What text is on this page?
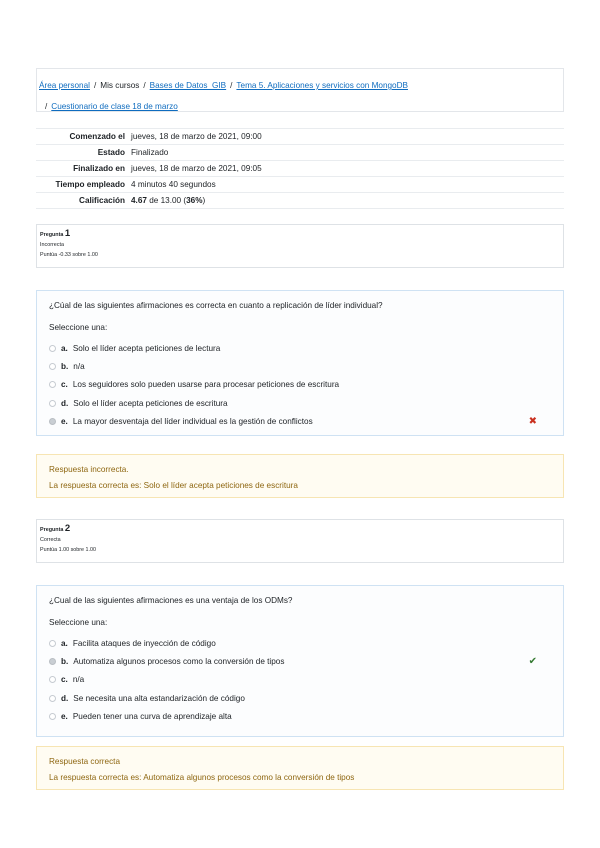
Área personal / Mis cursos / Bases de Datos_GIB / Tema 5. Aplicaciones y servicios con MongoDB
/ Cuestionario de clase 18 de marzo
Comenzado el jueves, 18 de marzo de 2021, 09:00
Estado Finalizado
Finalizado en jueves, 18 de marzo de 2021, 09:05
Tiempo empleado 4 minutos 40 segundos
Calificación 4.67 de 13.00 (36%)
Pregunta 1
Incorrecta
Puntúa -0.33 sobre 1.00
¿Cúal de las siguientes afirmaciones es correcta en cuanto a replicación de líder individual?
Seleccione una:
a. Solo el líder acepta peticiones de lectura
b. n/a
c. Los seguidores solo pueden usarse para procesar peticiones de escritura
d. Solo el líder acepta peticiones de escritura
e. La mayor desventaja del líder individual es la gestión de conflictos	✖
Respuesta incorrecta.
La respuesta correcta es: Solo el líder acepta peticiones de escritura
Pregunta 2
Correcta
Puntúa 1.00 sobre 1.00
¿Cual de las siguientes afirmaciones es una ventaja de los ODMs?
Seleccione una:
a. Facilita ataques de inyección de código
b. Automatiza algunos procesos como la conversión de tipos	✔
c. n/a
d. Se necesita una alta estandarización de código
e. Pueden tener una curva de aprendizaje alta
Respuesta correcta
La respuesta correcta es: Automatiza algunos procesos como la conversión de tipos
